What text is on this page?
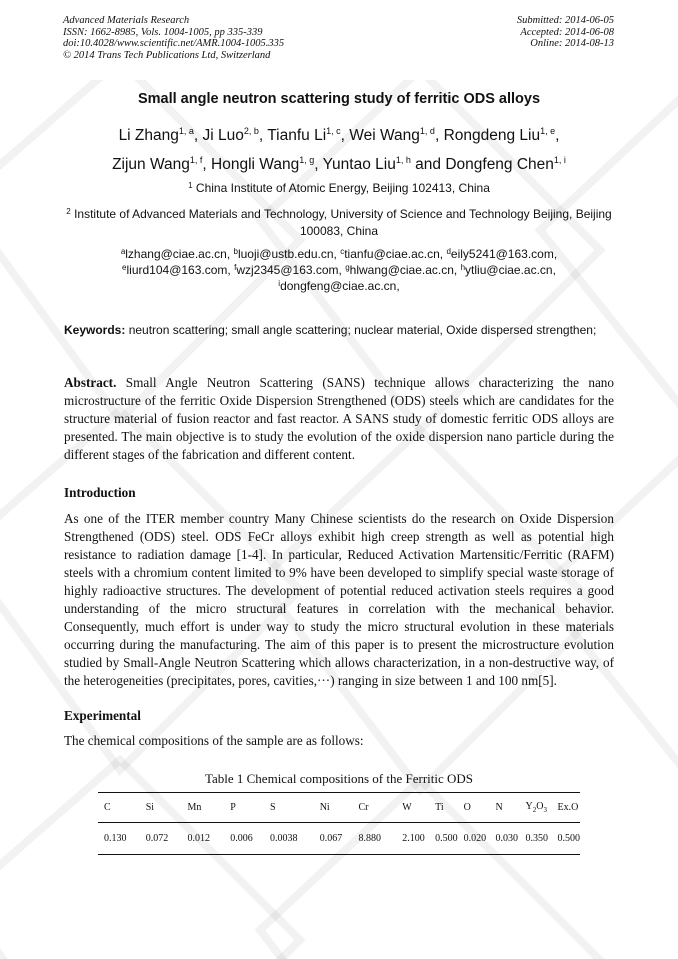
Advanced Materials Research
ISSN: 1662-8985, Vols. 1004-1005, pp 335-339
doi:10.4028/www.scientific.net/AMR.1004-1005.335
© 2014 Trans Tech Publications Ltd, Switzerland
Submitted: 2014-06-05
Accepted: 2014-06-08
Online: 2014-08-13
Small angle neutron scattering study of ferritic ODS alloys
Li Zhang$^{1, a}$, Ji Luo$^{2, b}$, Tianfu Li$^{1, c}$, Wei Wang$^{1, d}$, Rongdeng Liu$^{1, e}$,
Zijun Wang$^{1, f}$, Hongli Wang$^{1, g}$, Yuntao Liu$^{1, h}$ and Dongfeng Chen$^{1, i}$
$^1$ China Institute of Atomic Energy, Beijing 102413, China
$^2$ Institute of Advanced Materials and Technology, University of Science and Technology Beijing, Beijing 100083, China
$^a$lzhang@ciae.ac.cn, $^b$luoji@ustb.edu.cn, $^c$tianfu@ciae.ac.cn, $^d$eily5241@163.com,
$^e$liurd104@163.com, $^f$wzj2345@163.com, $^g$hlwang@ciae.ac.cn, $^h$ytliu@ciae.ac.cn,
$^i$dongfeng@ciae.ac.cn,
Keywords: neutron scattering; small angle scattering; nuclear material, Oxide dispersed strengthen;
Abstract. Small Angle Neutron Scattering (SANS) technique allows characterizing the nano microstructure of the ferritic Oxide Dispersion Strengthened (ODS) steels which are candidates for the structure material of fusion reactor and fast reactor. A SANS study of domestic ferritic ODS alloys are presented. The main objective is to study the evolution of the oxide dispersion nano particle during the different stages of the fabrication and different content.
Introduction
As one of the ITER member country Many Chinese scientists do the research on Oxide Dispersion Strengthened (ODS) steel. ODS FeCr alloys exhibit high creep strength as well as potential high resistance to radiation damage [1-4]. In particular, Reduced Activation Martensitic/Ferritic (RAFM) steels with a chromium content limited to 9% have been developed to simplify special waste storage of highly radioactive structures. The development of potential reduced activation steels requires a good understanding of the micro structural features in correlation with the mechanical behavior. Consequently, much effort is under way to study the micro structural evolution in these materials occurring during the manufacturing. The aim of this paper is to present the microstructure evolution studied by Small-Angle Neutron Scattering which allows characterization, in a non-destructive way, of the heterogeneities (precipitates, pores, cavities,···) ranging in size between 1 and 100 nm[5].
Experimental
The chemical compositions of the sample are as follows:
Table 1 Chemical compositions of the Ferritic ODS
C	Si	Mn	P	S	Ni	Cr	W	Ti	O	N	$Y_2O_3$	Ex.O
0.130	0.072	0.012	0.006	0.0038	0.067	8.880	2.100	0.500	0.020	0.030	0.350	0.500
